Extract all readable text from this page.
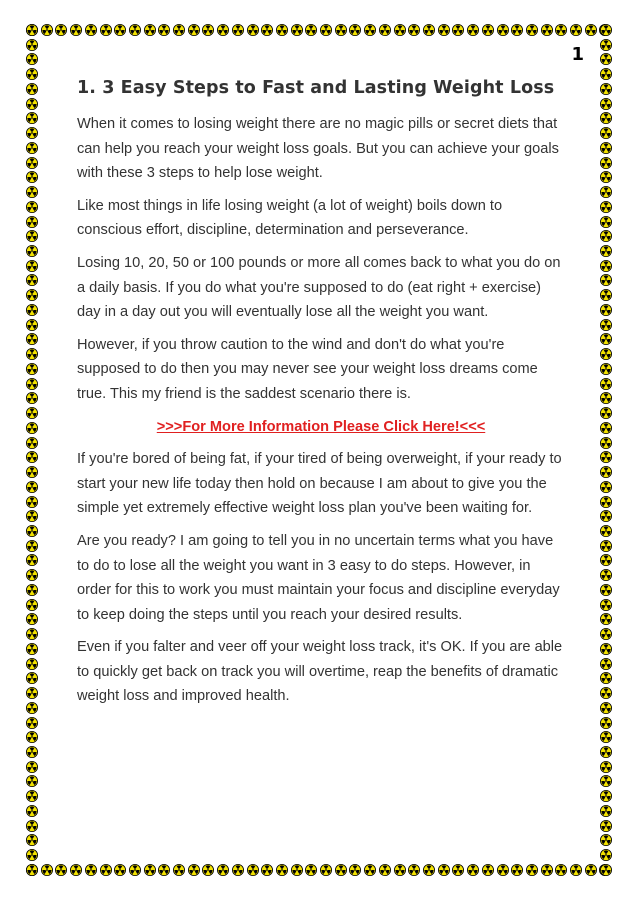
1
1. 3 Easy Steps to Fast and Lasting Weight Loss

When it comes to losing weight there are no magic pills or secret diets that can help you reach your weight loss goals. But you can achieve your goals with these 3 steps to help lose weight.

Like most things in life losing weight (a lot of weight) boils down to conscious effort, discipline, determination and perseverance.

Losing 10, 20, 50 or 100 pounds or more all comes back to what you do on a daily basis. If you do what you're supposed to do (eat right + exercise) day in a day out you will eventually lose all the weight you want.

However, if you throw caution to the wind and don't do what you're supposed to do then you may never see your weight loss dreams come true. This my friend is the saddest scenario there is.

>>>For More Information Please Click Here!<<<

If you're bored of being fat, if your tired of being overweight, if your ready to start your new life today then hold on because I am about to give you the simple yet extremely effective weight loss plan you've been waiting for.

Are you ready? I am going to tell you in no uncertain terms what you have to do to lose all the weight you want in 3 easy to do steps. However, in order for this to work you must maintain your focus and discipline everyday to keep doing the steps until you reach your desired results.

Even if you falter and veer off your weight loss track, it's OK. If you are able to quickly get back on track you will overtime, reap the benefits of dramatic weight loss and improved health.
